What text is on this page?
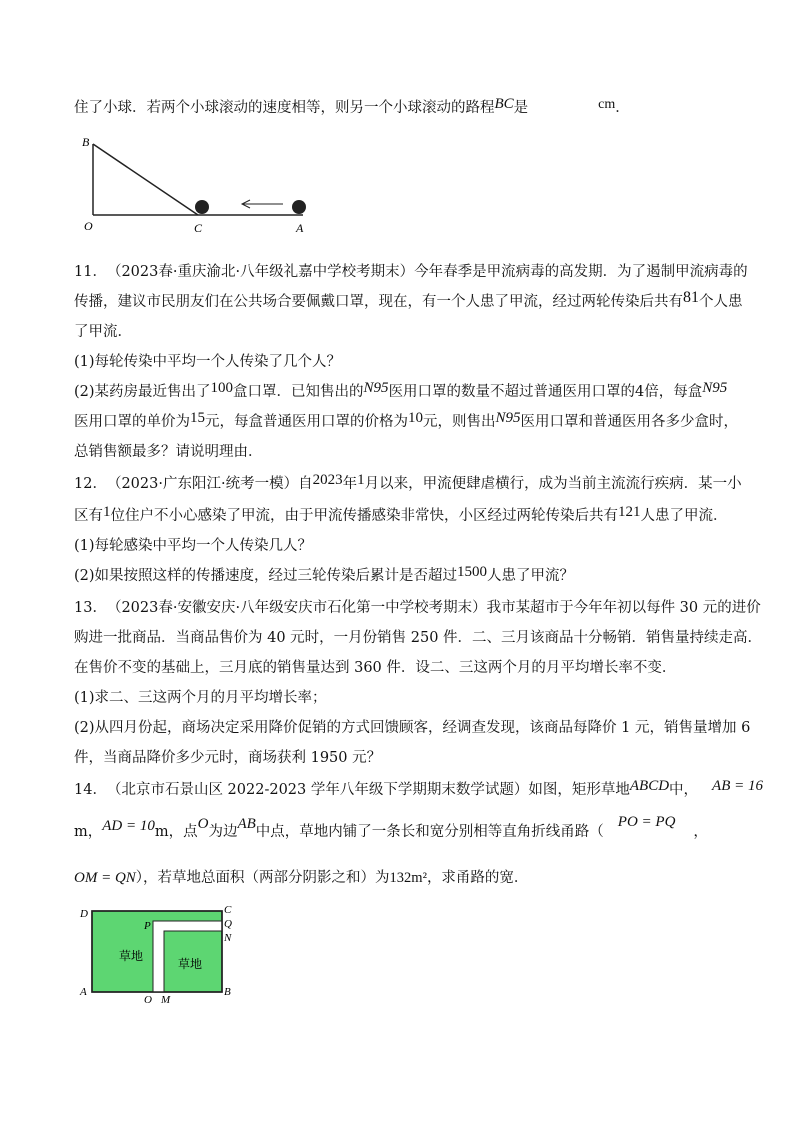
住了小球．若两个小球滚动的速度相等，则另一个小球滚动的路程BC是	cm．
B
O	C	A
11．　（2023春·重庆渝北·八年级礼嘉中学校考期末）今年春季是甲流病毒的高发期．为了遏制甲流病毒的
传播，建议市民朋友们在公共场合要佩戴口罩，现在，有一个人患了甲流，经过两轮传染后共有81个人患
了甲流．
(1)每轮传染中平均一个人传染了几个人？
(2)某药房最近售出了100盒口罩．已知售出的N95医用口罩的数量不超过普通医用口罩的4倍，每盒N95
医用口罩的单价为15元，每盒普通医用口罩的价格为10元，则售出N95医用口罩和普通医用各多少盒时，
总销售额最多？请说明理由．
12．　（2023·广东阳江·统考一模）自2023年1月以来，甲流便肆虐横行，成为当前主流流行疾病．某一小
区有1位住户不小心感染了甲流，由于甲流传播感染非常快，小区经过两轮传染后共有121人患了甲流．
(1)每轮感染中平均一个人传染几人？
(2)如果按照这样的传播速度，经过三轮传染后累计是否超过1500人患了甲流？
13．　（2023春·安徽安庆·八年级安庆市石化第一中学校考期末）我市某超市于今年年初以每件 30 元的进价
购进一批商品．当商品售价为 40 元时，一月份销售 250 件．二、三月该商品十分畅销．销售量持续走高．
在售价不变的基础上，三月底的销售量达到 360 件．设二、三这两个月的月平均增长率不变．
(1)求二、三这两个月的月平均增长率；
(2)从四月份起，商场决定采用降价促销的方式回馈顾客，经调查发现，该商品每降价 1 元，销售量增加 6
件，当商品降价多少元时，商场获利 1950 元？
14．　（北京市石景山区 2022-2023 学年八年级下学期期末数学试题）如图，矩形草地ABCD中， AB = 16
m，AD = 10m，点O为边AB中点，草地内铺了一条长和宽分别相等直角折线甬路（PO = PQ，
OM = QN），若草地总面积（两部分阴影之和）为132m²，求甬路的宽．
草地
草地
D	C
P	Q
N
A
O M
B
